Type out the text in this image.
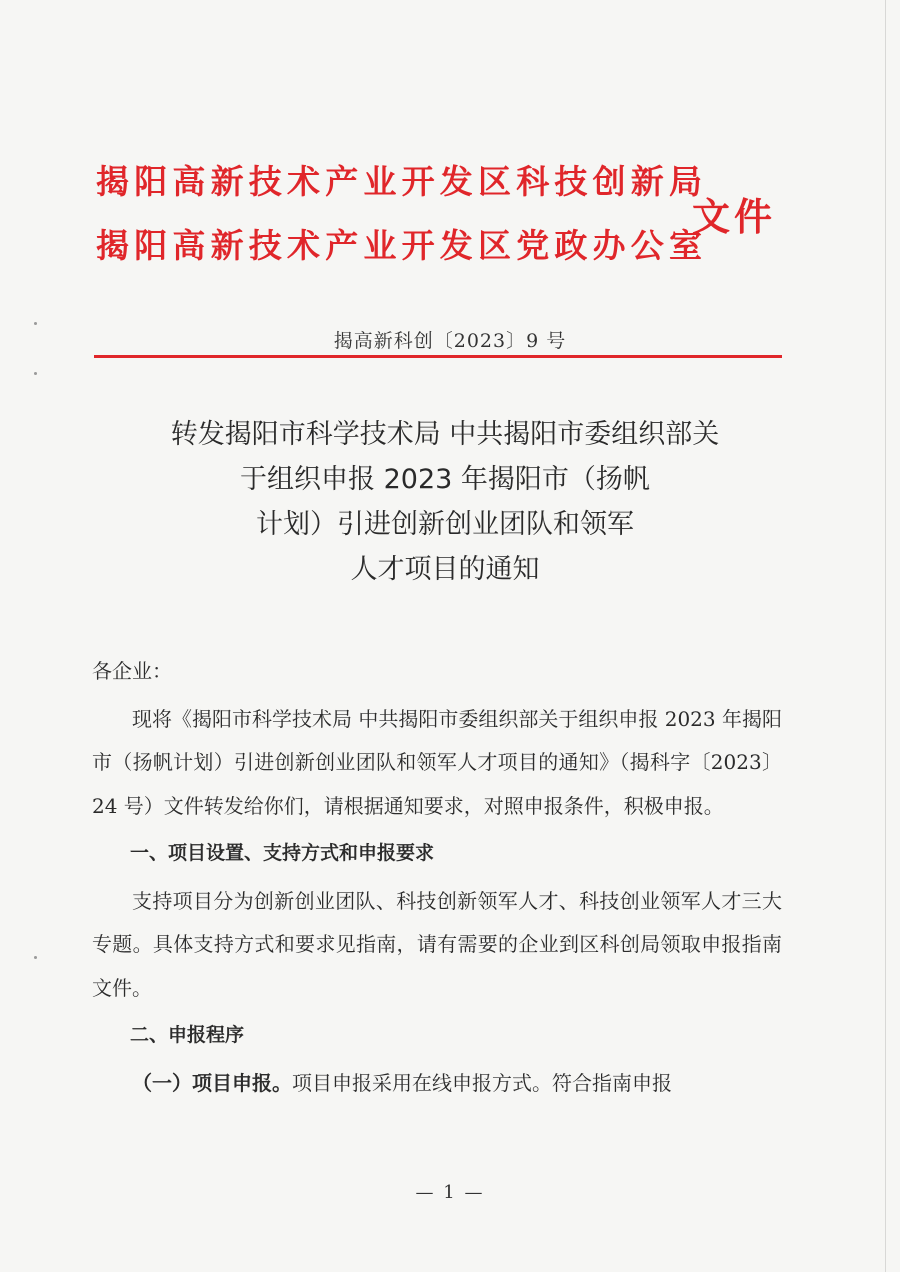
揭阳高新技术产业开发区科技创新局
揭阳高新技术产业开发区党政办公室
文件
揭高新科创〔2023〕9 号
转发揭阳市科学技术局 中共揭阳市委组织部关
于组织申报 2023 年揭阳市（扬帆
计划）引进创新创业团队和领军
人才项目的通知

各企业：

现将《揭阳市科学技术局 中共揭阳市委组织部关于组织申报 2023 年揭阳市（扬帆计划）引进创新创业团队和领军人才项目的通知》（揭科字〔2023〕24 号）文件转发给你们，请根据通知要求，对照申报条件，积极申报。

一、项目设置、支持方式和申报要求

支持项目分为创新创业团队、科技创新领军人才、科技创业领军人才三大专题。具体支持方式和要求见指南，请有需要的企业到区科创局领取申报指南文件。

二、申报程序

（一）项目申报。项目申报采用在线申报方式。符合指南申报

— 1 —
